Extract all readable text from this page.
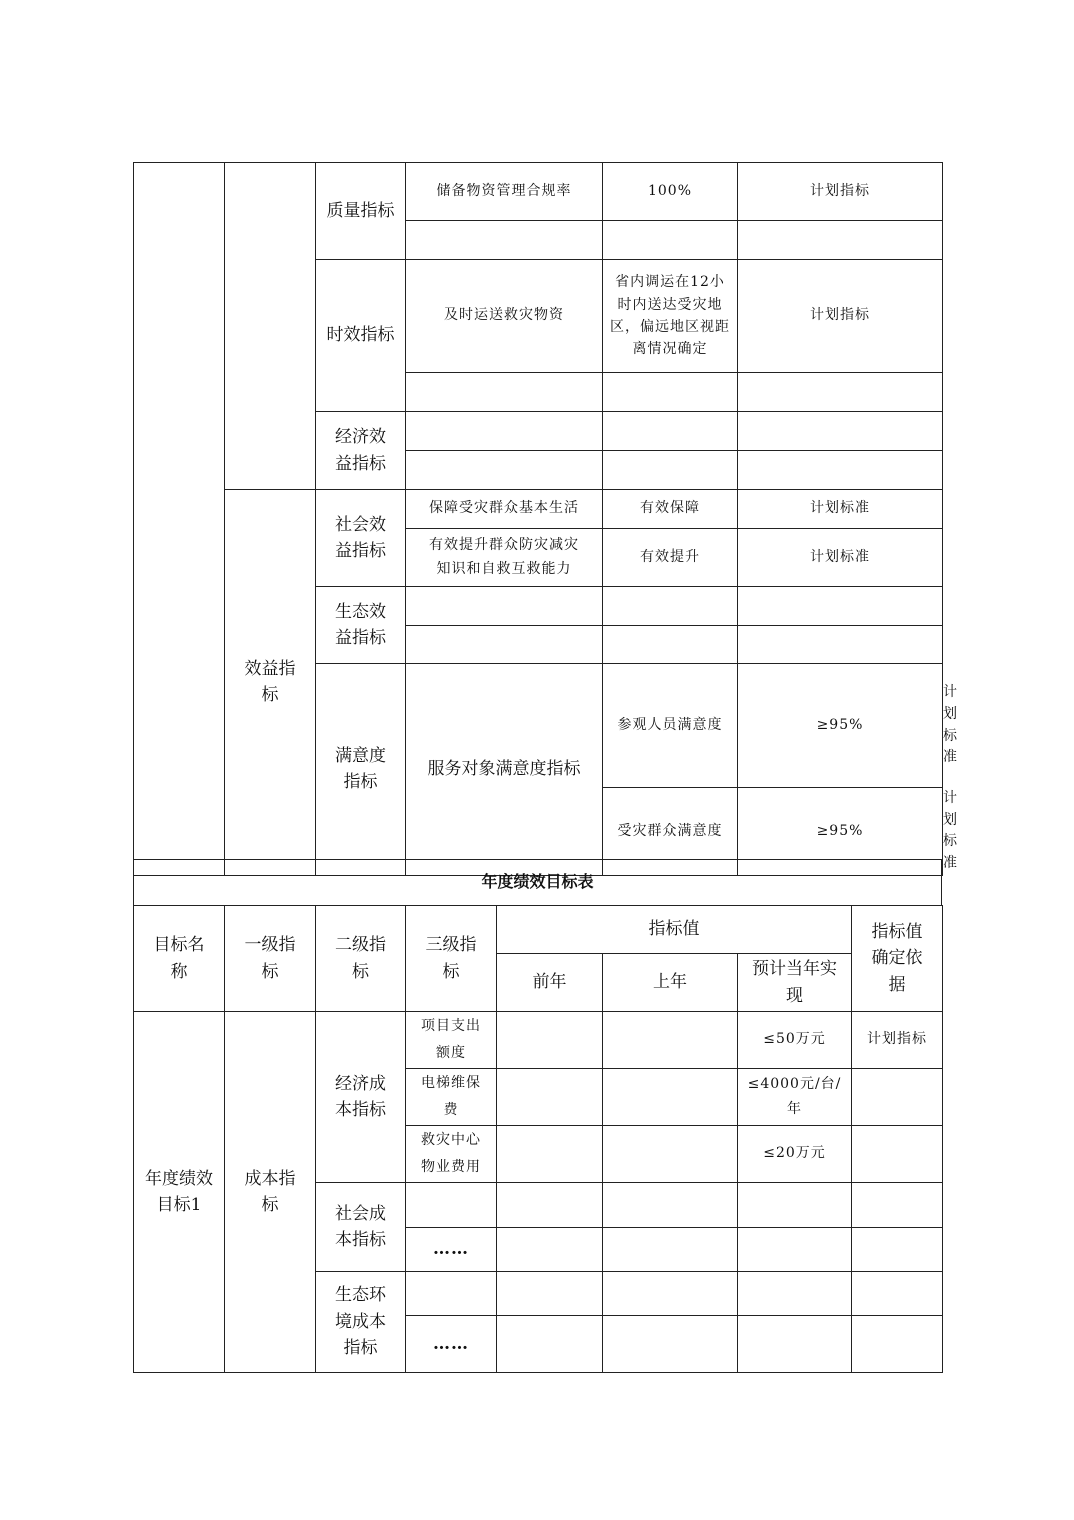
		质量指标	储备物资管理合规率	100%	计划指标	

		时效指标	及时运送救灾物资	省内调运在12小时内送达受灾地区，偏远地区视距离情况确定	计划指标	

		经济效益指标				

	效益指标	社会效益指标	保障受灾群众基本生活	有效保障	计划标准	
			有效提升群众防灾减灾知识和自救互救能力	有效提升	计划标准	
		生态效益指标				

		满意度指标	服务对象满意度指标	参观人员满意度	≥95%	计划标准
				受灾群众满意度	≥95%	计划标准
年度绩效目标表
目标名称	一级指标	二级指标	三级指标	指标值			指标值确定依据
				前年	上年	预计当年实现	
年度绩效目标1	成本指标	经济成本指标	项目支出额度			≤50万元	计划指标
			电梯维保费			≤4000元/台/年	
			救灾中心物业费用			≤20万元	
		社会成本指标					
			……				
		生态环境成本指标					
			……				
